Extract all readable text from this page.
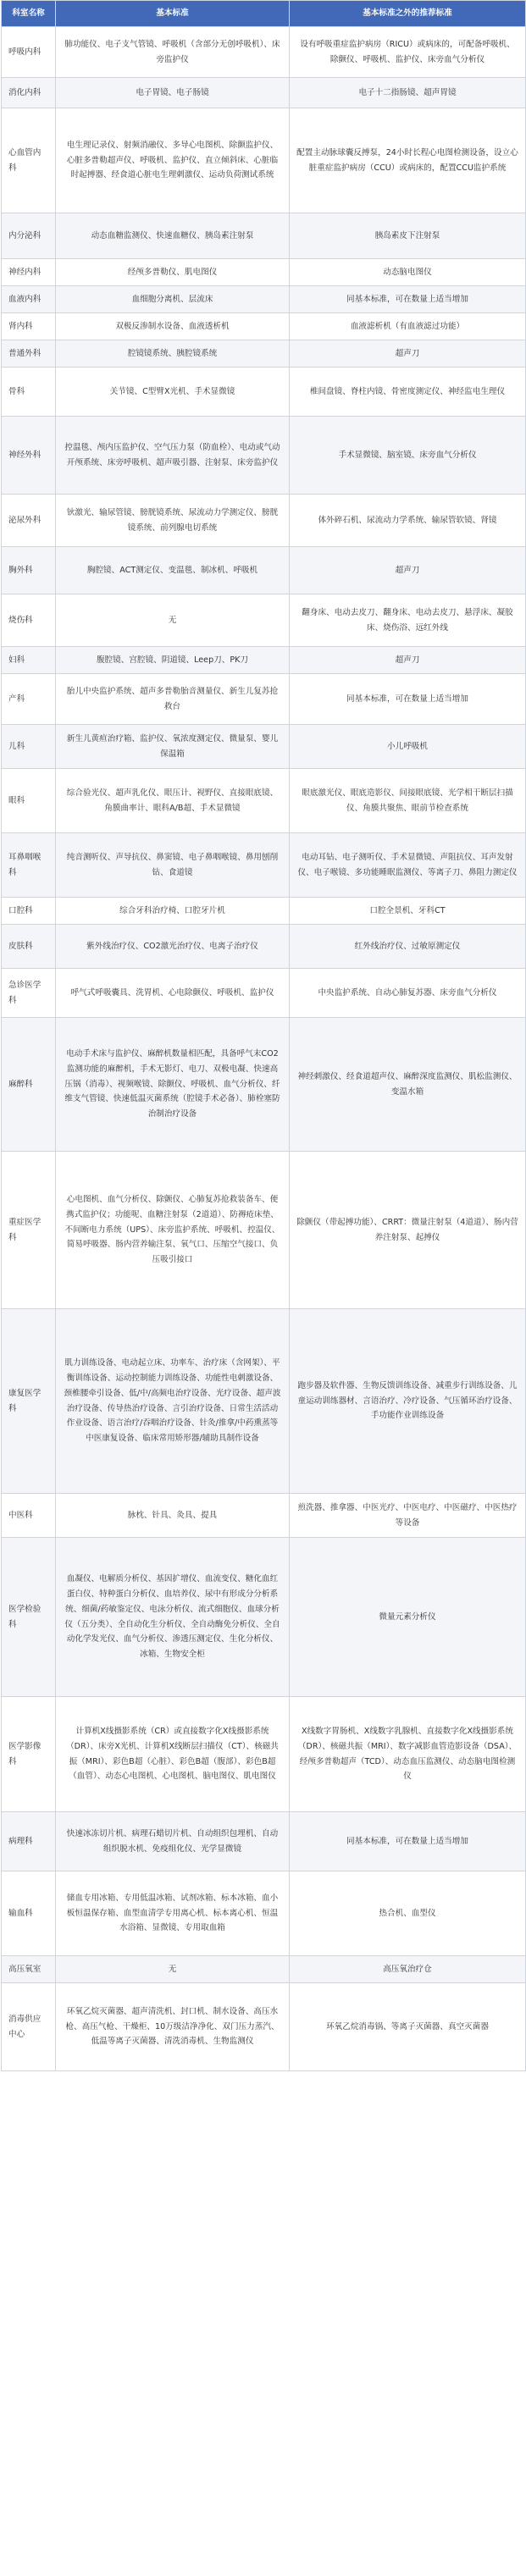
科室名称	基本标准	基本标准之外的推荐标准
呼吸内科	肺功能仪、电子支气管镜、呼吸机（含部分无创呼吸机）、床旁监护仪	设有呼吸重症监护病房（RICU）或病床的，可配备呼吸机、除颤仪、呼吸机、监护仪、床旁血气分析仪
消化内科	电子胃镜、电子肠镜	电子十二指肠镜、超声胃镜
心血管内科	电生理记录仪、射频消融仪、多导心电图机、除颤监护仪、心脏多普勒超声仪、呼吸机、监护仪、直立倾斜床、心脏临时起搏器、经食道心脏电生理刺激仪、运动负荷测试系统	配置主动脉球囊反搏泵，24小时长程心电图检测设备，设立心脏重症监护病房（CCU）或病床的，配置CCU监护系统
内分泌科	动态血糖监测仪、快速血糖仪、胰岛素注射泵	胰岛素皮下注射泵
神经内科	经颅多普勒仪、肌电图仪	动态脑电图仪
血液内科	血细胞分离机、层流床	同基本标准，可在数量上适当增加
肾内科	双极反渗制水设备、血液透析机	血液滤析机（有血液滤过功能）
普通外科	腔镜镜系统、胰腔镜系统	超声刀
骨科	关节镜、C型臂X光机、手术显微镜	椎间盘镜、脊柱内镜、骨密度测定仪、神经监电生理仪
神经外科	控温毯、颅内压监护仪、空气压力泵（防血栓）、电动或气动开颅系统、床旁呼吸机、超声吸引器、注射泵、床旁监护仪	手术显微镜、脑室镜、床旁血气分析仪
泌尿外科	钬激光、输尿管镜、膀胱镜系统、尿流动力学测定仪、膀胱镜系统、前列腺电切系统	体外碎石机、尿流动力学系统、输尿管软镜、肾镜
胸外科	胸腔镜、ACT测定仪、变温毯、制冰机、呼吸机	超声刀
烧伤科	无	翻身床、电动去皮刀、翻身床、电动去皮刀、悬浮床、凝胶床、烧伤浴、远红外线
妇科	腹腔镜、宫腔镜、阴道镜、Leep刀、PK刀	超声刀
产科	胎儿中央监护系统、超声多普勒胎音测量仪、新生儿复苏抢救台	同基本标准，可在数量上适当增加
儿科	新生儿黄疸治疗箱、监护仪、氧浓度测定仪、微量泵、婴儿保温箱	小儿呼吸机
眼科	综合验光仪、超声乳化仪、眼压计、视野仪、直接眼底镜、角膜曲率计、眼科A/B超、手术显微镜	眼底激光仪、眼底造影仪、间接眼底镜、光学相干断层扫描仪、角膜共聚焦、眼前节检查系统
耳鼻咽喉科	纯音测听仪、声导抗仪、鼻窦镜、电子鼻咽喉镜、鼻用刨削钻、食道镜	电动耳钻、电子测听仪、手术显微镜、声阻抗仪、耳声发射仪、电子喉镜、多功能睡眠监测仪、等离子刀、鼻阻力测定仪
口腔科	综合牙科治疗椅、口腔牙片机	口腔全景机、牙科CT
皮肤科	紫外线治疗仪、CO2激光治疗仪、电离子治疗仪	红外线治疗仪、过敏原测定仪
急诊医学科	呼气式呼吸囊具、洗胃机、心电除颤仪、呼吸机、监护仪	中央监护系统、自动心肺复苏器、床旁血气分析仪
麻醉科	电动手术床与监护仪、麻醉机数量相匹配，具备呼气末CO2监测功能的麻醉机，手术无影灯、电刀、双极电凝、快速高压锅（消毒）、视频喉镜、除颤仪、呼吸机、血气分析仪、纤维支气管镜、快速低温灭菌系统（腔镜手术必备）、肺栓塞防治制治疗设备	神经刺激仪、经食道超声仪、麻醉深度监测仪、肌松监测仪、变温水箱
重症医学科	心电图机、血气分析仪、除颤仪、心肺复苏抢救装备车、便携式监护仪；功能呢、血糖注射泵（2道道）、防褥疮床垫、不间断电力系统（UPS）、床旁监护系统、呼吸机、控温仪、简易呼吸器、肠内营养输注泵、氧气口、压缩空气接口、负压吸引接口	除颤仪（带起搏功能）、CRRT：微量注射泵（4道道）、肠内营养注射泵、起搏仪
康复医学科	肌力训练设备、电动起立床、功率车、治疗床（含网架）、平衡训练设备、运动控制能力训练设备、功能性电刺激设备、颈椎腰牵引设备、低/中/高频电治疗设备、光疗设备、超声波治疗设备、传导热治疗设备、言引治疗设备、日常生活活动作业设备、语言治疗/吞咽治疗设备、针灸/推拿/中药熏蒸等中医康复设备、临床常用矫形器/辅助具制作设备	跑步器及软件器、生物反馈训练设备、减重步行训练设备、儿童运动训练器材、言语治疗、冷疗设备、气压循环治疗设备、手功能作业训练设备
中医科	脉枕、针具、灸具、提具	煎洗器、推拿器、中医光疗、中医电疗、中医磁疗、中医热疗等设备
医学检验科	血凝仪、电解质分析仪、基因扩增仪、血流变仪、糖化血红蛋白仪、特种蛋白分析仪、血培养仪、尿中有形成分分析系统、细菌/药敏鉴定仪、电泳分析仪、流式细胞仪、血球分析仪（五分类）、全自动化生分析仪、全自动酶免分析仪、全自动化学发光仪、血气分析仪、渗透压测定仪、生化分析仪、冰箱、生物安全柜	微量元素分析仪
医学影像科	计算机X线摄影系统（CR）或直接数字化X线摄影系统（DR）、床旁X光机、计算机X线断层扫描仪（CT）、核磁共振（MRI）、彩色B超（心脏）、彩色B超（腹部）、彩色B超（血管）、动态心电图机、心电图机、脑电图仪、肌电图仪	X线数字胃肠机、X线数字乳腺机、直接数字化X线摄影系统（DR）、核磁共振（MRI）、数字减影血管造影设备（DSA）、经颅多普勒超声（TCD）、动态血压监测仪、动态脑电图检测仪
病理科	快速冰冻切片机、病理石蜡切片机、自动组织包埋机、自动组织脱水机、免疫组化仪、光学显微镜	同基本标准，可在数量上适当增加
输血科	储血专用冰箱、专用低温冰箱、试剂冰箱、标本冰箱、血小板恒温保存箱、血型血清学专用离心机、标本离心机、恒温水浴箱、显微镜、专用取血箱	热合机、血型仪
高压氧室	无	高压氧治疗仓
消毒供应中心	环氧乙烷灭菌器、超声清洗机、封口机、制水设备、高压水枪、高压气枪、干燥柜、10万级洁净净化、双门压力蒸汽、低温等离子灭菌器、清洗消毒机、生物监测仪	环氧乙烷消毒锅、等离子灭菌器、真空灭菌器
